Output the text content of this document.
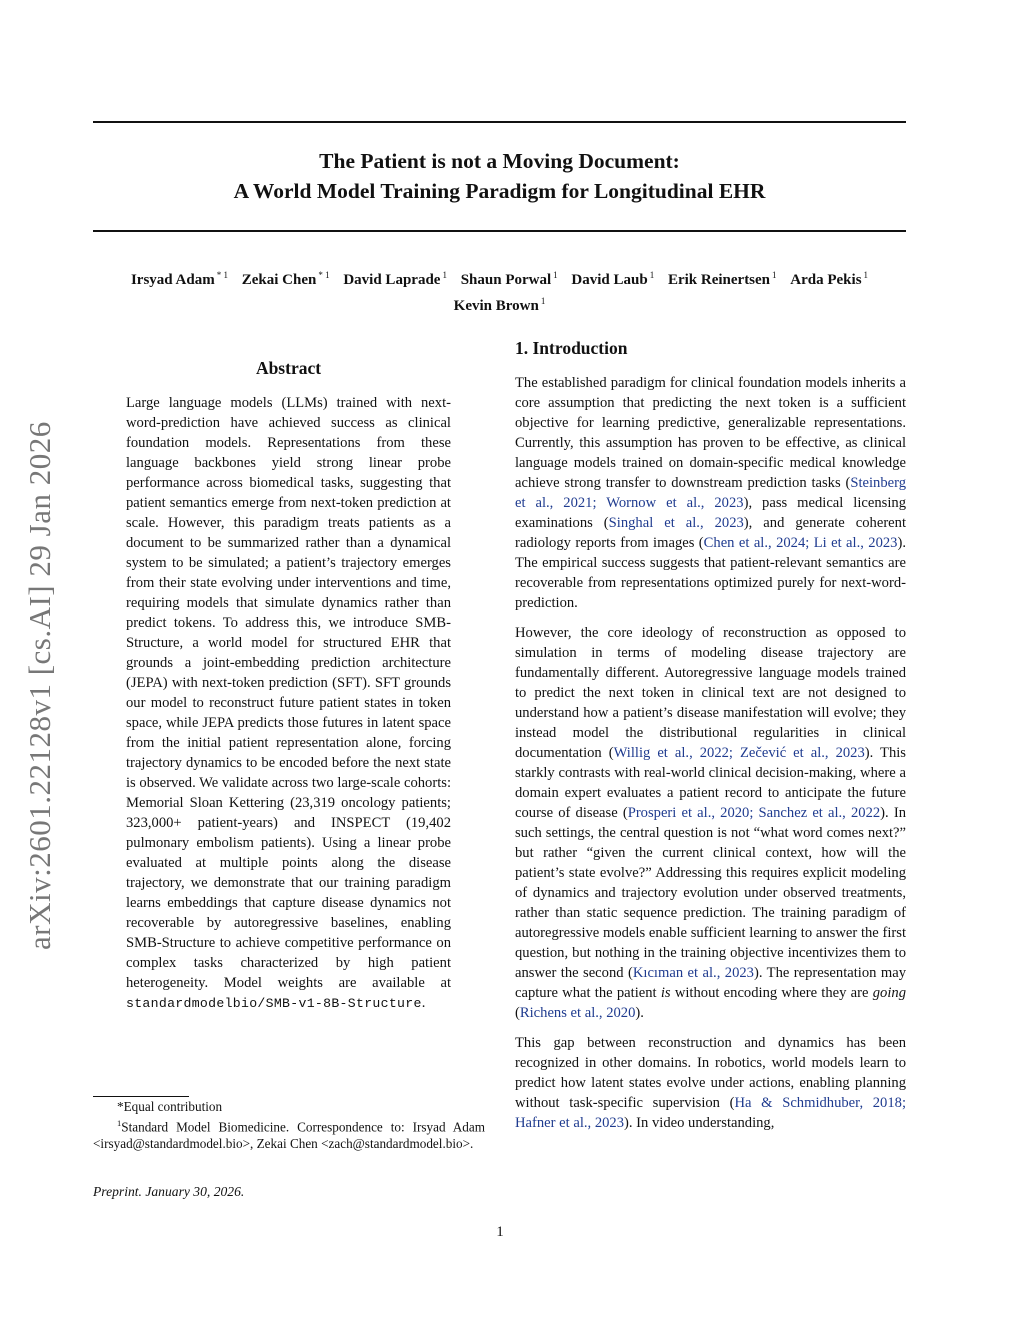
The Patient is not a Moving Document:
A World Model Training Paradigm for Longitudinal EHR
Irsyad Adam $^{* 1}$ Zekai Chen $^{* 1}$ David Laprade $^1$ Shaun Porwal $^1$ David Laub $^1$ Erik Reinertsen $^1$ Arda Pekis $^1$
Kevin Brown $^1$
arXiv:2601.22128v1 [cs.AI] 29 Jan 2026
Abstract
Large language models (LLMs) trained with next-word-prediction have achieved success as clinical foundation models. Representations from these language backbones yield strong linear probe performance across biomedical tasks, suggesting that patient semantics emerge from next-token prediction at scale. However, this paradigm treats patients as a document to be summarized rather than a dynamical system to be simulated; a patient’s trajectory emerges from their state evolving under interventions and time, requiring models that simulate dynamics rather than predict tokens. To address this, we introduce SMB-Structure, a world model for structured EHR that grounds a joint-embedding prediction architecture (JEPA) with next-token prediction (SFT). SFT grounds our model to reconstruct future patient states in token space, while JEPA predicts those futures in latent space from the initial patient representation alone, forcing trajectory dynamics to be encoded before the next state is observed. We validate across two large-scale cohorts: Memorial Sloan Kettering (23,319 oncology patients; 323,000+ patient-years) and INSPECT (19,402 pulmonary embolism patients). Using a linear probe evaluated at multiple points along the disease trajectory, we demonstrate that our training paradigm learns embeddings that capture disease dynamics not recoverable by autoregressive baselines, enabling SMB-Structure to achieve competitive performance on complex tasks characterized by high patient heterogeneity. Model weights are available at standardmodelbio/SMB-v1-8B-Structure.

*Equal contribution

$^1$Standard Model Biomedicine. Correspondence to: Irsyad Adam <irsyad@standardmodel.bio>, Zekai Chen <zach@standardmodel.bio>.

Preprint. January 30, 2026.
1. Introduction

The established paradigm for clinical foundation models inherits a core assumption that predicting the next token is a sufficient objective for learning predictive, generalizable representations. Currently, this assumption has proven to be effective, as clinical language models trained on domain-specific medical knowledge achieve strong transfer to downstream prediction tasks (Steinberg et al., 2021; Wornow et al., 2023), pass medical licensing examinations (Singhal et al., 2023), and generate coherent radiology reports from images (Chen et al., 2024; Li et al., 2023). The empirical success suggests that patient-relevant semantics are recoverable from representations optimized purely for next-word-prediction.

However, the core ideology of reconstruction as opposed to simulation in terms of modeling disease trajectory are fundamentally different. Autoregressive language models trained to predict the next token in clinical text are not designed to understand how a patient’s disease manifestation will evolve; they instead model the distributional regularities in clinical documentation (Willig et al., 2022; Zečević et al., 2023). This starkly contrasts with real-world clinical decision-making, where a domain expert evaluates a patient record to anticipate the future course of disease (Prosperi et al., 2020; Sanchez et al., 2022). In such settings, the central question is not “what word comes next?” but rather “given the current clinical context, how will the patient’s state evolve?” Addressing this requires explicit modeling of dynamics and trajectory evolution under observed treatments, rather than static sequence prediction. The training paradigm of autoregressive models enable sufficient learning to answer the first question, but nothing in the training objective incentivizes them to answer the second (Kıcıman et al., 2023). The representation may capture what the patient is without encoding where they are going (Richens et al., 2020).

This gap between reconstruction and dynamics has been recognized in other domains. In robotics, world models learn to predict how latent states evolve under actions, enabling planning without task-specific supervision (Ha & Schmidhuber, 2018; Hafner et al., 2023). In video understanding,

1
